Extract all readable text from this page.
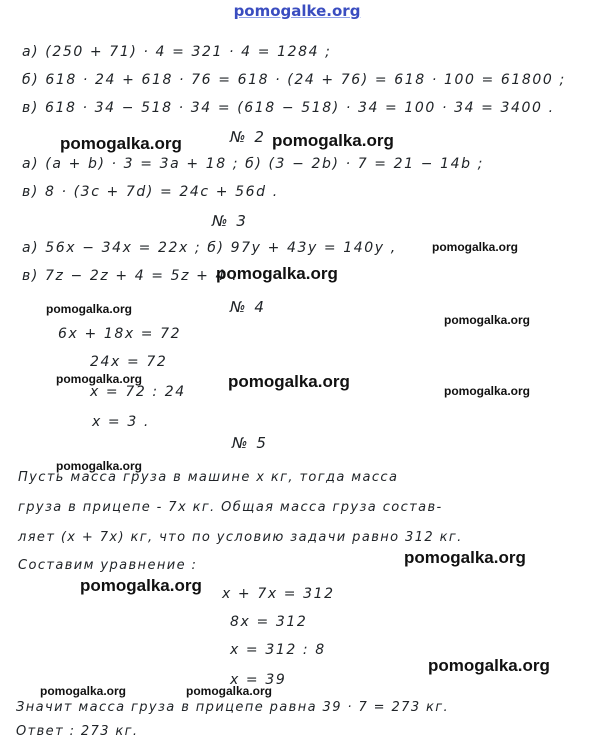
pomogalke.org
а) (250 + 71) · 4 = 321 · 4 = 1284 ;
б) 618 · 24 + 618 · 76 = 618 · (24 + 76) = 618 · 100 = 61800 ;
в) 618 · 34 − 518 · 34 = (618 − 518) · 34 = 100 · 34 = 3400 .
№ 2
а) (a + b) · 3 = 3a + 18 ; б) (3 − 2b) · 7 = 21 − 14b ;
в) 8 · (3c + 7d) = 24c + 56d .
№ 3
а) 56x − 34x = 22x ; б) 97y + 43y = 140y ,
в) 7z − 2z + 4 = 5z + 4 .
№ 4
6x + 18x = 72
24x = 72
x = 72 : 24
x = 3 .
№ 5
Пусть масса груза в машине x кг, тогда масса
груза в прицепе - 7x кг. Общая масса груза состав-
ляет (x + 7x) кг, что по условию задачи равно 312 кг.
Составим уравнение :
x + 7x = 312
8x = 312
x = 312 : 8
x = 39
Значит масса груза в прицепе равна 39 · 7 = 273 кг.
Ответ : 273 кг.
pomogalka.org	pomogalka.org
pomogalka.org
pomogalka.org
pomogalka.org
pomogalka.org
pomogalka.org	pomogalka.org	pomogalka.org
pomogalka.org
pomogalka.org
pomogalka.org
pomogalka.org
pomogalka.org	pomogalka.org
